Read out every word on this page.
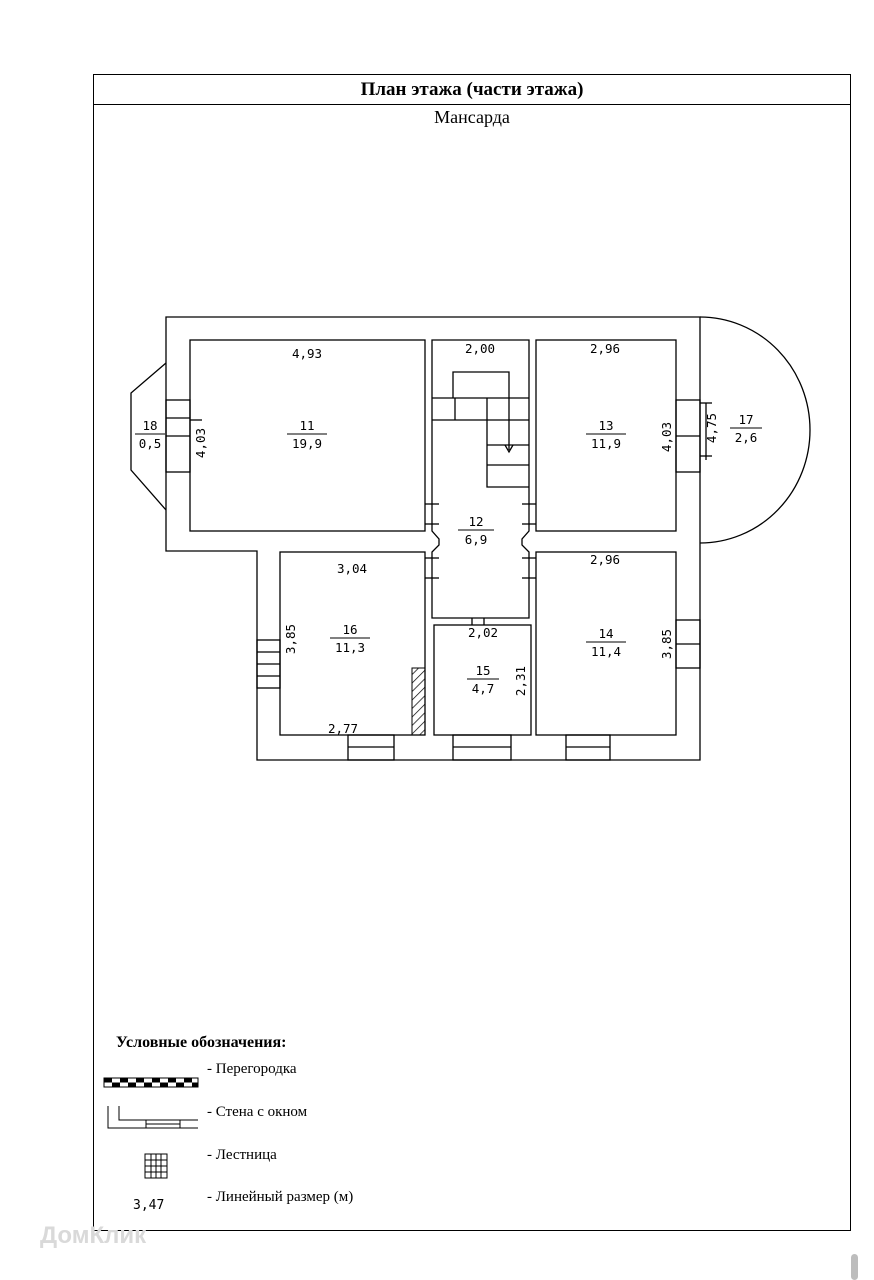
План этажа (части этажа)
Мансарда
4,93
11
19,9
4,03
2,00
12
6,9
2,96
13
11,9	4,03 4,75 17
2,6
18
0,5
3,04
16
11,3
3,85
2,77
2,96
14
11,4	3,85
2,02
15
4,7 2,31
Условные обозначения:
- Перегородка
- Стена с окном
- Лестница
- Линейный размер (м)
3,47
ДомКлик
